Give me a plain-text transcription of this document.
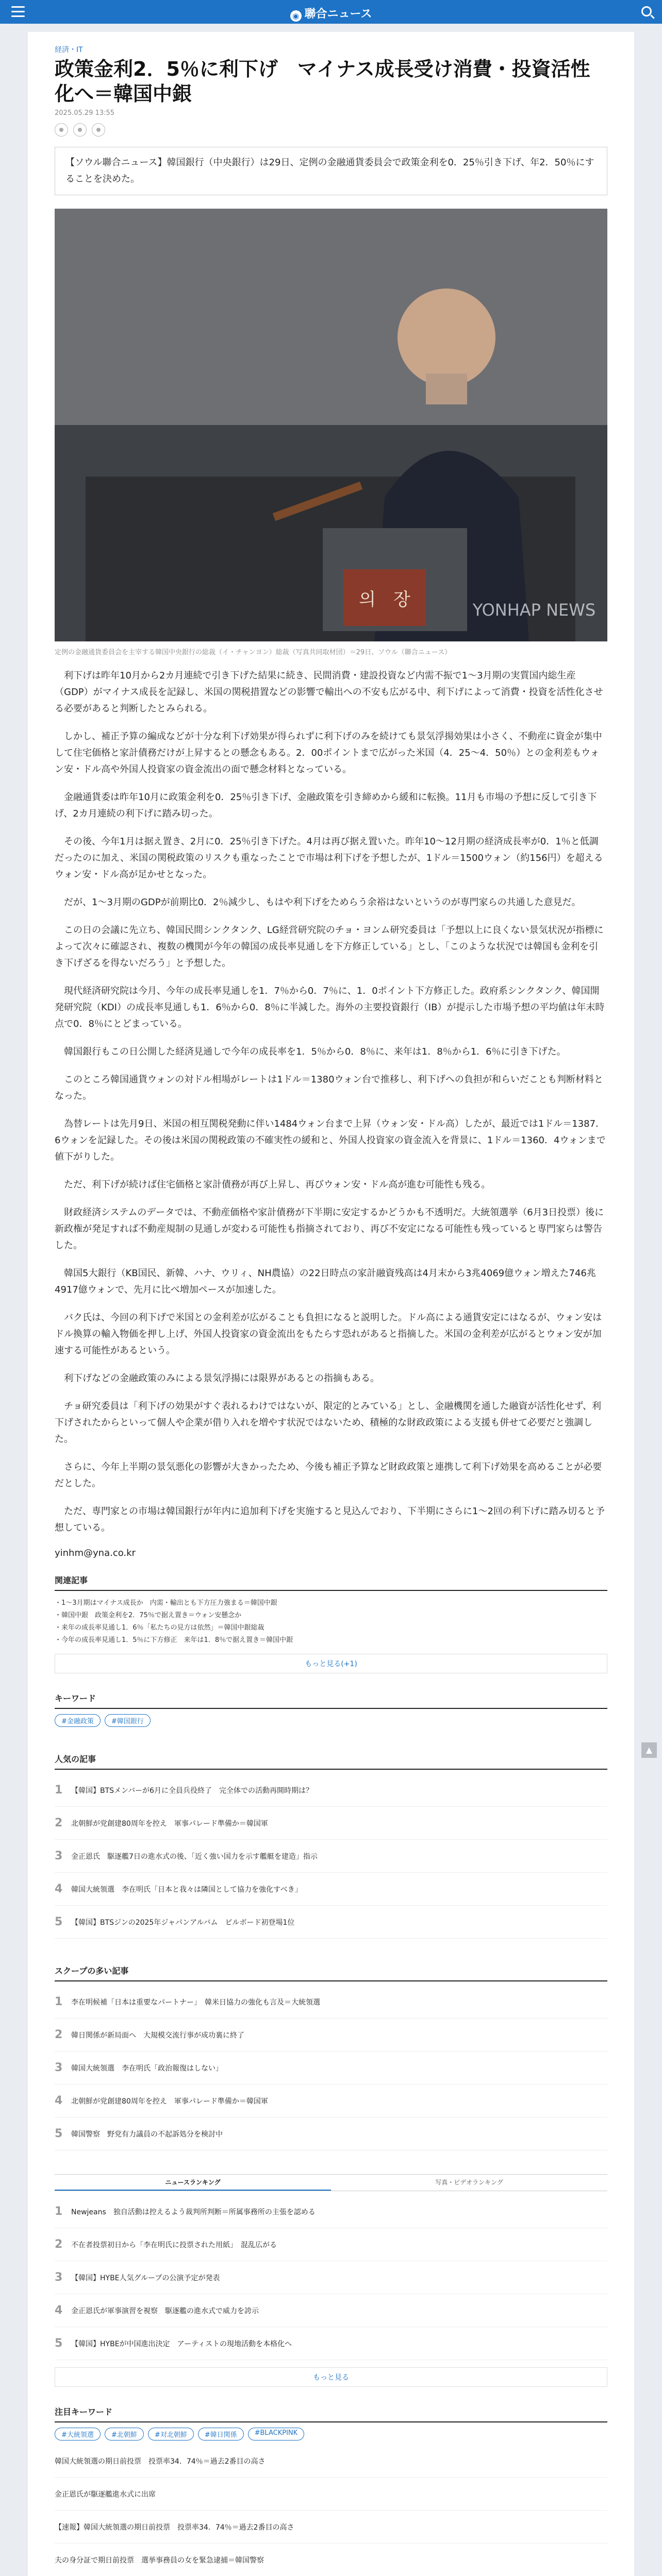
◉ 聯合ニュース
経済・IT
政策金利2．5％に利下げ　マイナス成長受け消費・投資活性化へ＝韓国中銀
2025.05.29 13:55
【ソウル聯合ニュース】韓国銀行（中央銀行）は29日、定例の金融通貨委員会で政策金利を0．25％引き下げ、年2．50％にすることを決めた。
의　장	YONHAP NEWS
定例の金融通貨委員会を主宰する韓国中央銀行の総裁（イ・チャンヨン）総裁（写真共同取材団）＝29日、ソウル（聯合ニュース）

利下げは昨年10月から2カ月連続で引き下げた結果に続き、民間消費・建設投資など内需不振で1～3月期の実質国内総生産（GDP）がマイナス成長を記録し、米国の関税措置などの影響で輸出への不安も広がる中、利下げによって消費・投資を活性化させる必要があると判断したとみられる。

しかし、補正予算の編成などが十分な利下げ効果が得られずに利下げのみを続けても景気浮揚効果は小さく、不動産に資金が集中して住宅価格と家計債務だけが上昇するとの懸念もある。2．00ポイントまで広がった米国（4．25～4．50％）との金利差もウォン安・ドル高や外国人投資家の資金流出の面で懸念材料となっている。

金融通貨委は昨年10月に政策金利を0．25％引き下げ、金融政策を引き締めから緩和に転換。11月も市場の予想に反して引き下げ、2カ月連続の利下げに踏み切った。

その後、今年1月は据え置き、2月に0．25％引き下げた。4月は再び据え置いた。昨年10～12月期の経済成長率が0．1％と低調だったのに加え、米国の関税政策のリスクも重なったことで市場は利下げを予想したが、1ドル＝1500ウォン（約156円）を超えるウォン安・ドル高が足かせとなった。

だが、1～3月期のGDPが前期比0．2％減少し、もはや利下げをためらう余裕はないというのが専門家らの共通した意見だ。

この日の会議に先立ち、韓国民間シンクタンク、LG経営研究院のチョ・ヨンム研究委員は「予想以上に良くない景気状況が指標によって次々に確認され、複数の機関が今年の韓国の成長率見通しを下方修正している」とし、「このような状況では韓国も金利を引き下げざるを得ないだろう」と予想した。

現代経済研究院は今月、今年の成長率見通しを1．7％から0．7％に、1．0ポイント下方修正した。政府系シンクタンク、韓国開発研究院（KDI）の成長率見通しも1．6％から0．8％に半減した。海外の主要投資銀行（IB）が提示した市場予想の平均値は年末時点で0．8％にとどまっている。

韓国銀行もこの日公開した経済見通しで今年の成長率を1．5％から0．8％に、来年は1．8％から1．6％に引き下げた。

このところ韓国通貨ウォンの対ドル相場がレートは1ドル＝1380ウォン台で推移し、利下げへの負担が和らいだことも判断材料となった。

為替レートは先月9日、米国の相互関税発動に伴い1484ウォン台まで上昇（ウォン安・ドル高）したが、最近では1ドル＝1387．6ウォンを記録した。その後は米国の関税政策の不確実性の緩和と、外国人投資家の資金流入を背景に、1ドル＝1360．4ウォンまで値下がりした。

ただ、利下げが続けば住宅価格と家計債務が再び上昇し、再びウォン安・ドル高が進む可能性も残る。

財政経済システムのデータでは、不動産価格や家計債務が下半期に安定するかどうかも不透明だ。大統領選挙（6月3日投票）後に新政権が発足すれば不動産規制の見通しが変わる可能性も指摘されており、再び不安定になる可能性も残っていると専門家らは警告した。

韓国5大銀行（KB国民、新韓、ハナ、ウリィ、NH農協）の22日時点の家計融資残高は4月末から3兆4069億ウォン増えた746兆4917億ウォンで、先月に比べ増加ペースが加速した。

バク氏は、今回の利下げで米国との金利差が広がることも負担になると説明した。ドル高による通貨安定にはなるが、ウォン安はドル換算の輸入物価を押し上げ、外国人投資家の資金流出をもたらす恐れがあると指摘した。米国の金利差が広がるとウォン安が加速する可能性があるという。

利下げなどの金融政策のみによる景気浮揚には限界があるとの指摘もある。

チョ研究委員は「利下げの効果がすぐ表れるわけではないが、限定的とみている」とし、金融機関を通した融資が活性化せず、利下げされたからといって個人や企業が借り入れを増やす状況ではないため、積極的な財政政策による支援も併せて必要だと強調した。

さらに、今年上半期の景気悪化の影響が大きかったため、今後も補正予算など財政政策と連携して利下げ効果を高めることが必要だとした。

ただ、専門家との市場は韓国銀行が年内に追加利下げを実施すると見込んでおり、下半期にさらに1～2回の利下げに踏み切ると予想している。

yinhm@yna.co.kr
関連記事
・1～3月期はマイナス成長か　内需・輸出とも下方圧力強まる＝韓国中銀
・韓国中銀　政策金利を2．75％で据え置き＝ウォン安懸念か
・来年の成長率見通し1．6％「私たちの見方は依然」＝韓国中銀総裁
・今年の成長率見通し1．5％に下方修正　来年は1．8％で据え置き＝韓国中銀
もっと見る(+1)
キーワード
#金融政策	#韓国銀行
人気の記事
1	【韓国】BTSメンバーが6月に全員兵役終了　完全体での活動再開時期は？
2	北朝鮮が党創建80周年を控え　軍事パレード準備か＝韓国軍
3	金正恩氏　駆逐艦7日の進水式の後、「近く強い国力を示す艦艇を建造」指示
4	韓国大統領選　李在明氏「日本と我々は隣国として協力を強化すべき」
5	【韓国】BTSジンの2025年ジャパンアルバム　ビルボード初登場1位
スクープの多い記事
1	李在明候補「日本は重要なパートナー」　韓米日協力の強化も言及＝大統領選
2	韓日関係が新局面へ　大規模交流行事が成功裏に終了
3	韓国大統領選　李在明氏「政治報復はしない」
4	北朝鮮が党創建80周年を控え　軍事パレード準備か＝韓国軍
5	韓国警察　野党有力議員の不起訴処分を検討中
ニュースランキング	写真・ビデオランキング
1	Newjeans　独自活動は控えるよう裁判所判断＝所属事務所の主張を認める
2	不在者投票初日から「李在明氏に投票された用紙」　混乱広がる
3	【韓国】HYBE人気グループの公演予定が発表
4	金正恩氏が軍事演習を視察　駆逐艦の進水式で威力を誇示
5	【韓国】HYBEが中国進出決定　アーティストの現地活動を本格化へ
もっと見る
注目キーワード
#大統領選	#北朝鮮	#対北朝鮮	#韓日関係	#BLACKPINK
韓国大統領選の期日前投票　投票率34．74％＝過去2番目の高さ
金正恩氏が駆逐艦進水式に出席
【速報】韓国大統領選の期日前投票　投票率34．74％＝過去2番目の高さ
夫の身分証で期日前投票　選挙事務員の女を緊急逮捕＝韓国警察
▲
